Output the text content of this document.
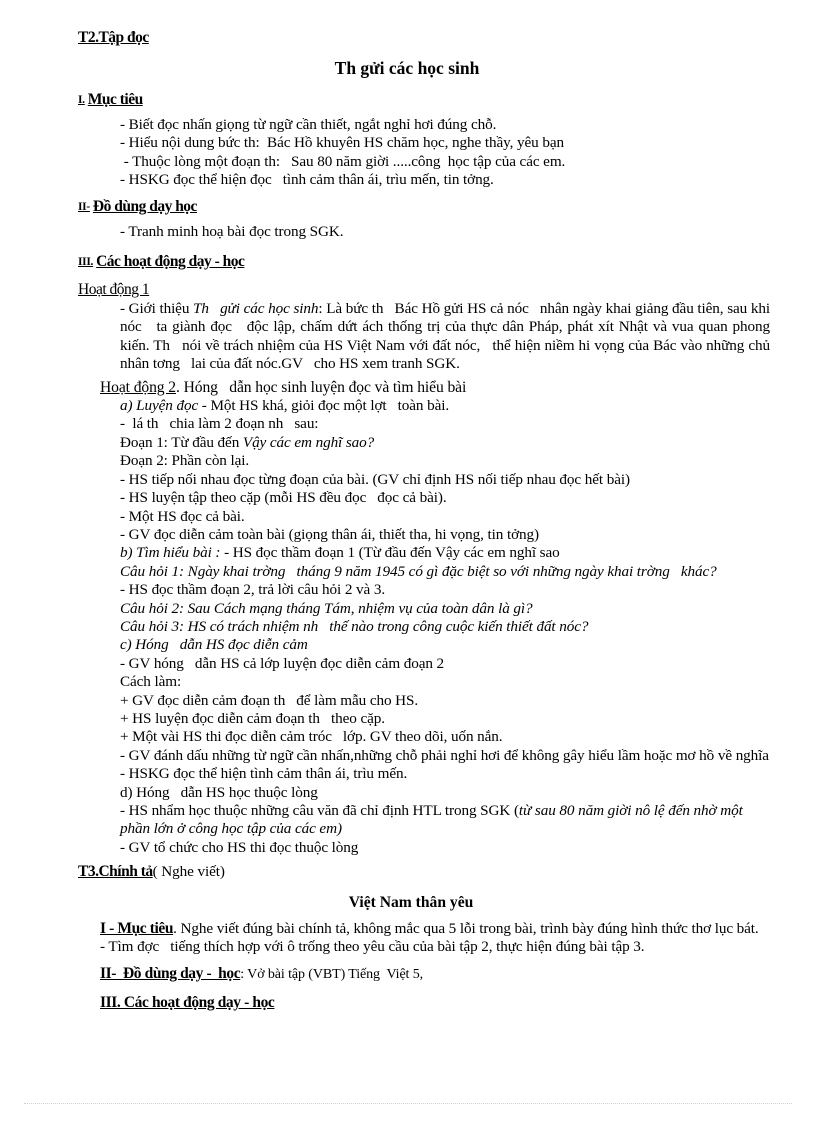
T2.Tập đọc
Th gửi các học sinh
I. Mục tiêu
- Biết đọc nhấn giọng từ ngữ cần thiết, ngắt nghỉ hơi đúng chỗ.
- Hiểu nội dung bức th:  Bác Hồ khuyên HS chăm học, nghe thầy, yêu bạn
- Thuộc lòng một đoạn th:   Sau 80 năm giời .....công  học tập của các em.
- HSKG đọc thể hiện đọc   tình cảm thân ái, trìu mến, tin tởng.
II- Đồ dùng dạy học
- Tranh minh hoạ bài đọc trong SGK.
III. Các hoạt động dạy - học
Hoạt động 1
- Giới thiệu Th   gửi các học sinh: Là bức th   Bác Hồ gửi HS cả nóc   nhân ngày khai giảng đầu tiên, sau khi nóc   ta giành đọc   độc lập, chấm dứt ách thống trị của thực dân Pháp, phát xít Nhật và vua quan phong kiến. Th   nói về trách nhiệm của HS Việt Nam với đất nóc,   thể hiện niềm hi vọng của Bác vào những chủ nhân tơng   lai của đất nóc.GV   cho HS xem tranh SGK.
Hoạt động 2. Hóng   dẫn học sinh luyện đọc và tìm hiểu bài
a) Luyện đọc - Một HS khá, giỏi đọc một lợt   toàn bài.
-  lá th   chia làm 2 đoạn nh   sau:
Đoạn 1: Từ đầu đến Vậy các em nghĩ sao?
Đoạn 2: Phần còn lại.
- HS tiếp nối nhau đọc từng đoạn của bài. (GV chỉ định HS nối tiếp nhau đọc hết bài)
- HS luyện tập theo cặp (mỗi HS đều đọc   đọc cả bài).
- Một HS đọc cả bài.
- GV đọc diễn cảm toàn bài (giọng thân ái, thiết tha, hi vọng, tin tởng)
b) Tìm hiểu bài : - HS đọc thầm đoạn 1 (Từ đầu đến Vậy các em nghĩ sao
Câu hỏi 1: Ngày khai trờng   tháng 9 năm 1945 có gì đặc biệt so với những ngày khai trờng   khác?
- HS đọc thầm đoạn 2, trả lời câu hỏi 2 và 3.
Câu hỏi 2: Sau Cách mạng tháng Tám, nhiệm vụ của toàn dân là gì?
Câu hỏi 3: HS có trách nhiệm nh   thế nào trong công cuộc kiến thiết đất nóc?
c) Hóng   dẫn HS đọc diễn cảm
- GV hóng   dẫn HS cả lớp luyện đọc diễn cảm đoạn 2
Cách làm:
+ GV đọc diễn cảm đoạn th   để làm mẫu cho HS.
+ HS luyện đọc diễn cảm đoạn th   theo cặp.
+ Một vài HS thi đọc diễn cảm tróc   lớp. GV theo dõi, uốn nắn.
- GV đánh dấu những từ ngữ cần nhấn,những chỗ phải nghỉ hơi để không gây hiểu lầm hoặc mơ hồ về nghĩa
- HSKG đọc thể hiện tình cảm thân ái, trìu mến.
d) Hóng   dẫn HS học thuộc lòng
- HS nhẩm học thuộc những câu văn đã chỉ định HTL trong SGK (từ sau 80 năm giời nô lệ đến nhờ một phần lớn ở công học tập của các em)
- GV tổ chức cho HS thi đọc thuộc lòng
T3.Chính tả( Nghe viết)
Việt Nam thân yêu
I - Mục tiêu. Nghe viết đúng bài chính tả, không mắc qua 5 lỗi trong bài, trình bày đúng hình thức thơ lục bát.
- Tìm đợc   tiếng thích hợp với ô trống theo yêu cầu của bài tập 2, thực hiện đúng bài tập 3.
II-  Đồ dùng dạy -  học: Vở bài tập (VBT) Tiếng  Việt 5,
III. Các hoạt động dạy - học
